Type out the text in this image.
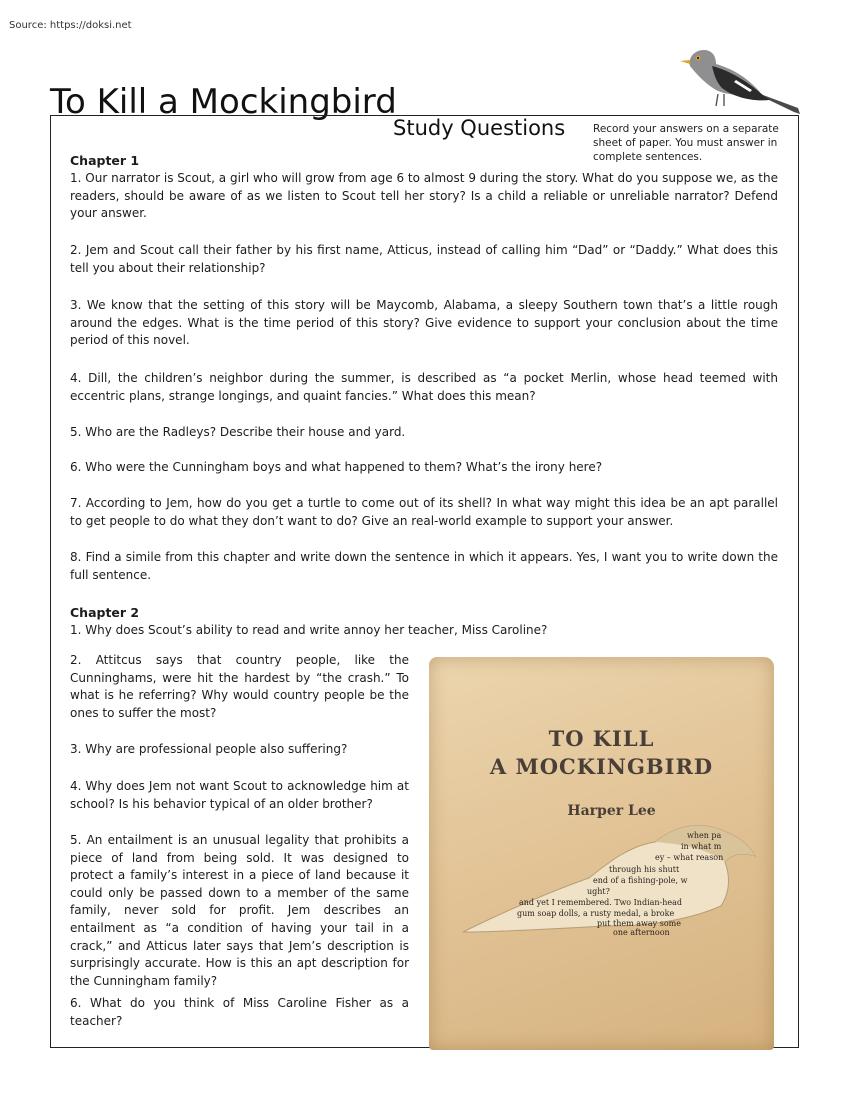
Source: https://doksi.net
To Kill a Mockingbird
Study Questions	Record your answers on a separate sheet of paper. You must answer in complete sentences.
Chapter 1
1. Our narrator is Scout, a girl who will grow from age 6 to almost 9 during the story. What do you suppose we, as the readers, should be aware of as we listen to Scout tell her story? Is a child a reliable or unreliable narrator? Defend your answer.
2. Jem and Scout call their father by his first name, Atticus, instead of calling him “Dad” or “Daddy.” What does this tell you about their relationship?
3. We know that the setting of this story will be Maycomb, Alabama, a sleepy Southern town that’s a little rough around the edges. What is the time period of this story? Give evidence to support your conclusion about the time period of this novel.
4. Dill, the children’s neighbor during the summer, is described as “a pocket Merlin, whose head teemed with eccentric plans, strange longings, and quaint fancies.” What does this mean?
5. Who are the Radleys? Describe their house and yard.
6. Who were the Cunningham boys and what happened to them? What’s the irony here?
7. According to Jem, how do you get a turtle to come out of its shell? In what way might this idea be an apt parallel to get people to do what they don’t want to do? Give an real-world example to support your answer.
8. Find a simile from this chapter and write down the sentence in which it appears. Yes, I want you to write down the full sentence.
Chapter 2
1. Why does Scout’s ability to read and write annoy her teacher, Miss Caroline?
2. Attitcus says that country people, like the Cunninghams, were hit the hardest by “the crash.” To what is he referring? Why would country people be the ones to suffer the most?
3. Why are professional people also suffering?
4. Why does Jem not want Scout to acknowledge him at school? Is his behavior typical of an older brother?
5. An entailment is an unusual legality that prohibits a piece of land from being sold. It was designed to protect a family’s interest in a piece of land because it could only be passed down to a member of the same family, never sold for profit. Jem describes an entailment as “a condition of having your tail in a crack,” and Atticus later says that Jem’s description is surprisingly accurate. How is this an apt description for the Cunningham family?
6. What do you think of Miss Caroline Fisher as a teacher?
TO KILL
A MOCKINGBIRD
Harper Lee
when pa
in what m
ey – what reason
through his shutt
end of a fishing-pole, w
ught?
and yet I remembered. Two Indian-head
gum soap dolls, a rusty medal, a broke
put them away some
one afternoon
